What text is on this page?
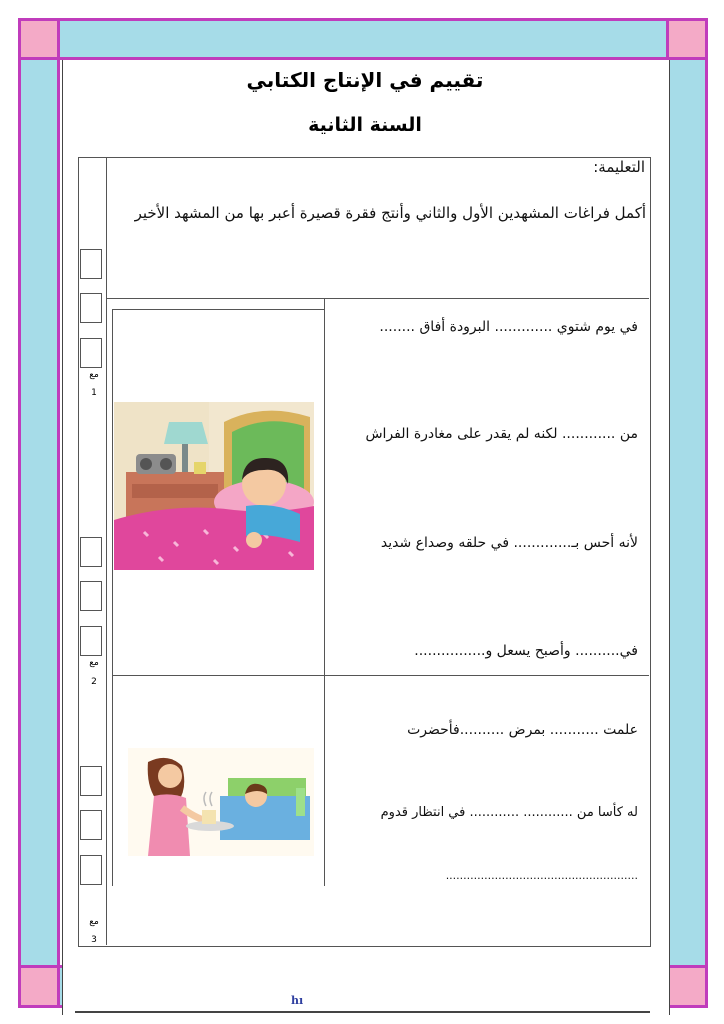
تقييم في الإنتاج الكتابي
السنة الثانية
التعليمة:
أكمل فراغات المشهدين الأول والثاني وأنتج فقرة قصيرة أعبر بها من المشهد الأخير
مع
1
مع
2
مع
3
في يوم شتوي ............. البرودة أفاق ........
من ............ لكنه لم يقدر على مغادرة الفراش
لأنه أحس بـ............. في حلقه وصداع شديد
في.......... وأصبح يسعل و................
علمت ........... بمرض ..........فأحضرت
له كأسا من ............ ............ في انتظار قدوم
.......................................................
hı
